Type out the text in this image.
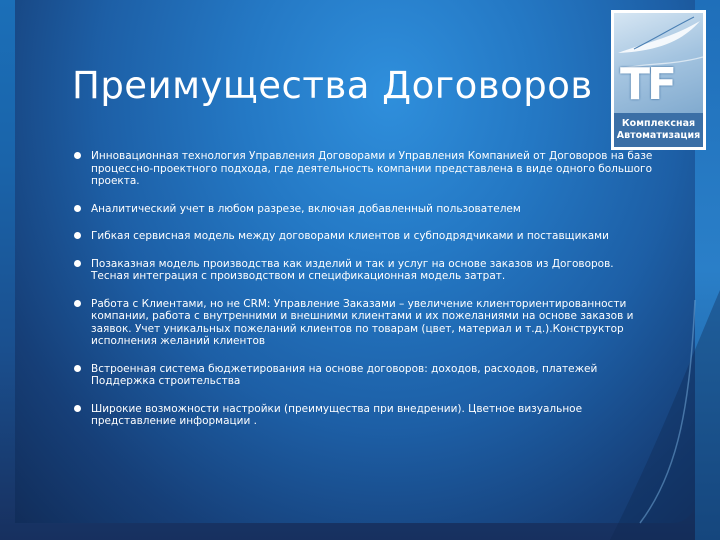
Преимущества Договоров
Инновационная технология Управления Договорами и Управления Компанией от Договоров на базе процессно-проектного подхода, где деятельность компании представлена в виде одного большого проекта.
Аналитический учет в любом разрезе, включая добавленный пользователем
Гибкая сервисная модель между договорами клиентов и субподрядчиками и поставщиками
Позаказная модель производства как изделий и так и услуг на основе заказов из Договоров. Тесная интеграция с производством и спецификационная модель затрат.
Работа с Клиентами, но не CRM: Управление Заказами – увеличение клиенториентированности компании, работа с внутренними и внешними клиентами и их пожеланиями на основе заказов и заявок. Учет уникальных пожеланий клиентов по товарам (цвет, материал и т.д.).Конструктор исполнения желаний клиентов
Встроенная система бюджетирования на основе договоров: доходов, расходов, платежей Поддержка строительства
Широкие возможности настройки (преимущества при внедрении). Цветное визуальное представление информации .
TF
Комплексная
Автоматизация
